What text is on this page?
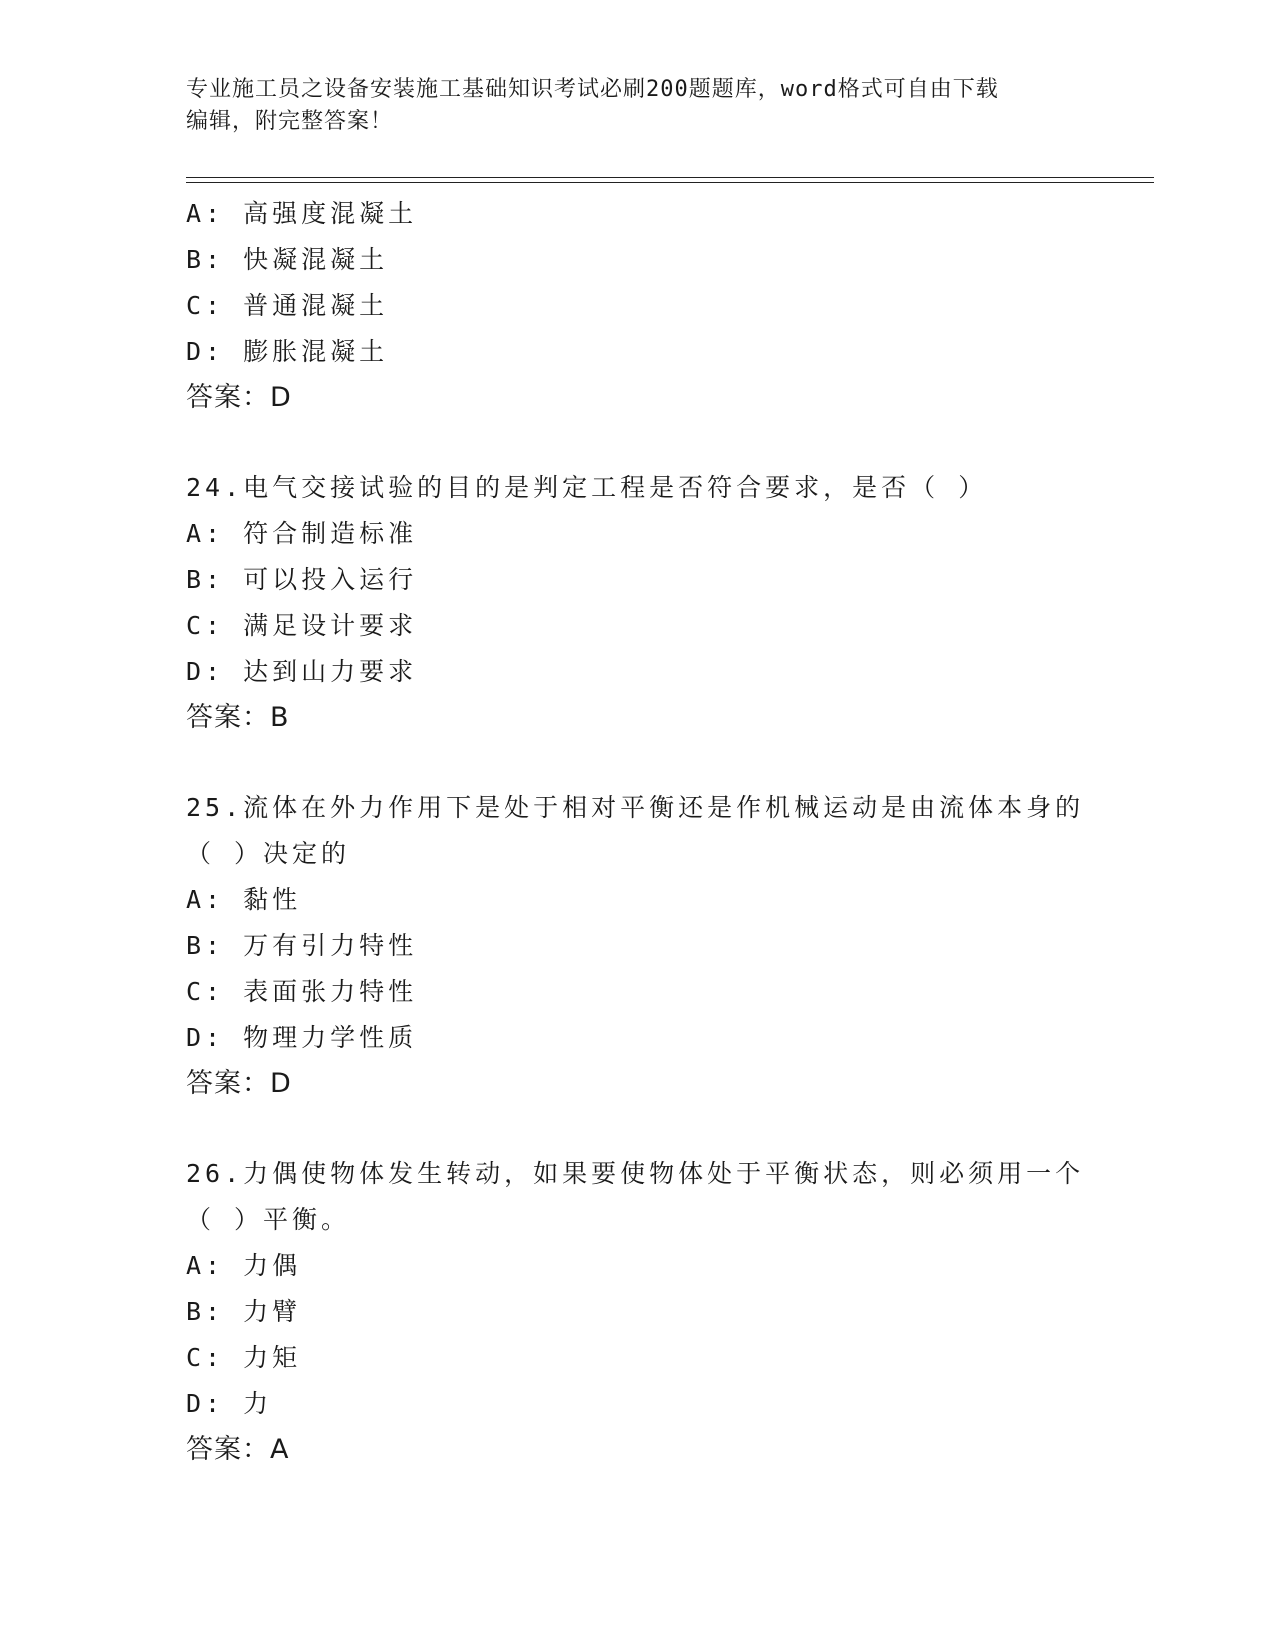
专业施工员之设备安装施工基础知识考试必刷200题题库，word格式可自由下载
编辑，附完整答案！
A: 高强度混凝土
B: 快凝混凝土
C: 普通混凝土
D: 膨胀混凝土
答案：D
24.电气交接试验的目的是判定工程是否符合要求，是否（ ）
A: 符合制造标准
B: 可以投入运行
C: 满足设计要求
D: 达到山力要求
答案：B
25.流体在外力作用下是处于相对平衡还是作机械运动是由流体本身的
（ ）决定的
A: 黏性
B: 万有引力特性
C: 表面张力特性
D: 物理力学性质
答案：D
26.力偶使物体发生转动，如果要使物体处于平衡状态，则必须用一个
（ ）平衡。
A: 力偶
B: 力臂
C: 力矩
D: 力
答案：A
